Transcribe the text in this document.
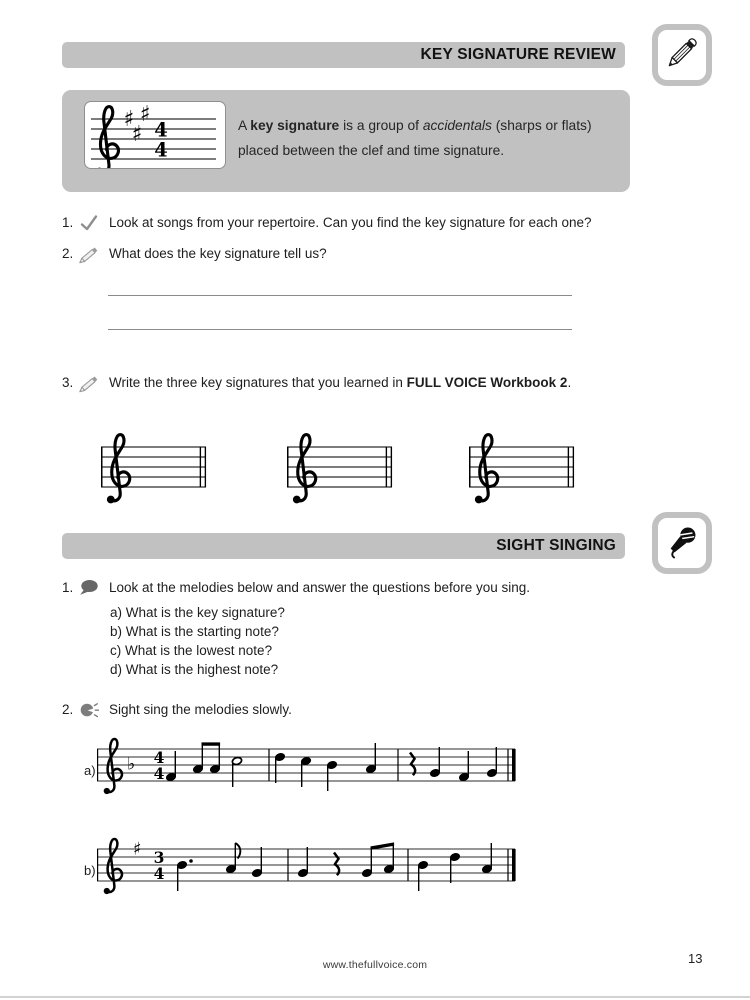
KEY SIGNATURE REVIEW
♯
♯
♯
4
4
A key signature is a group of accidentals (sharps or flats)
placed between the clef and time signature.
1.	Look at songs from your repertoire. Can you find the key signature for each one?
2.	What does the key signature tell us?
3.	Write the three key signatures that you learned in FULL VOICE Workbook 2.
SIGHT SINGING
1.	Look at the melodies below and answer the questions before you sing.
a) What is the key signature?
b) What is the starting note?
c) What is the lowest note?
d) What is the highest note?
2.	Sight sing the melodies slowly.
a) ♭ 4
4
b)
♯ 3
4
www.thefullvoice.com	13
